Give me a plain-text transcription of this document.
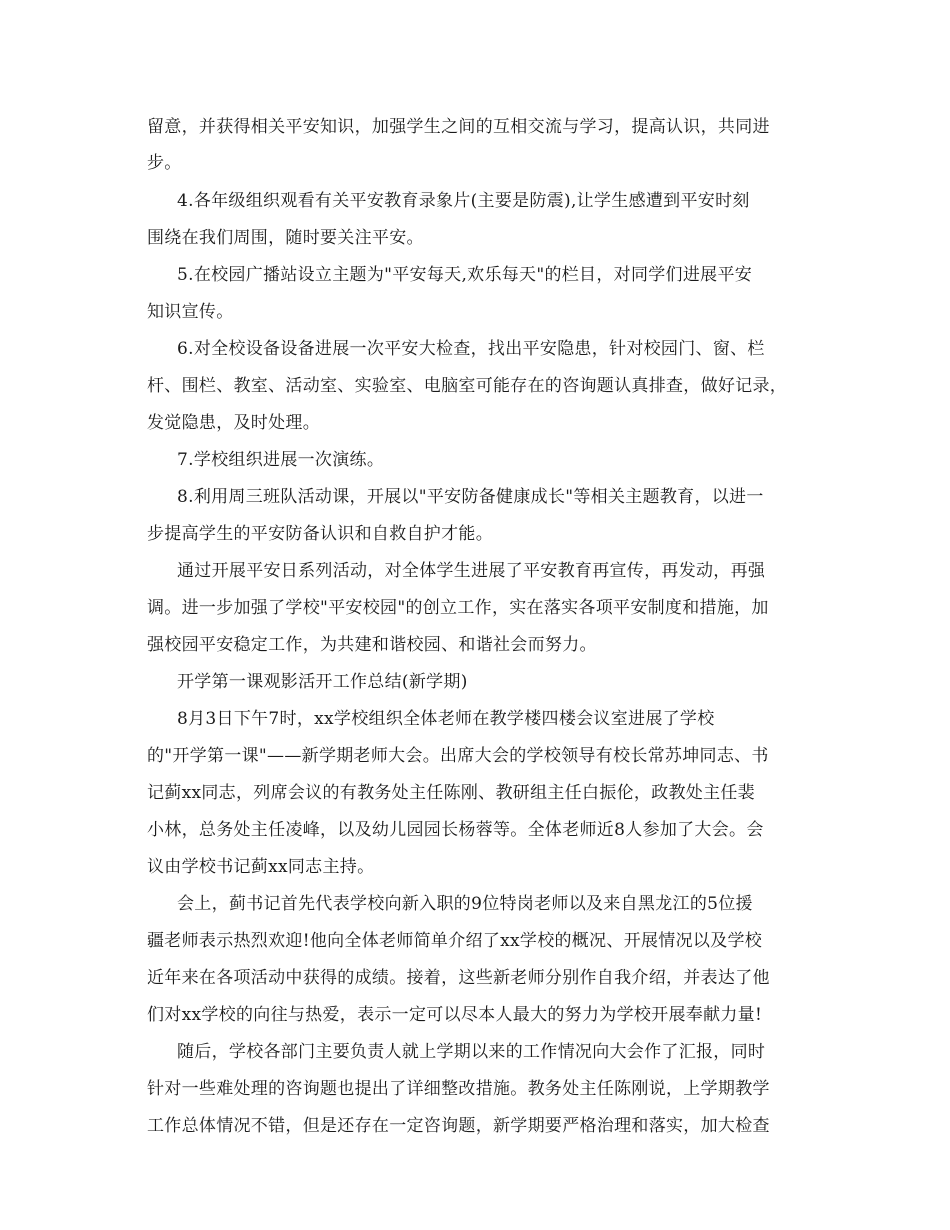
留意，并获得相关平安知识，加强学生之间的互相交流与学习，提高认识，共同进
步。
4.各年级组织观看有关平安教育录象片(主要是防震),让学生感遭到平安时刻
围绕在我们周围，随时要关注平安。
5.在校园广播站设立主题为"平安每天,欢乐每天"的栏目，对同学们进展平安
知识宣传。
6.对全校设备设备进展一次平安大检查，找出平安隐患，针对校园门、窗、栏
杆、围栏、教室、活动室、实验室、电脑室可能存在的咨询题认真排查，做好记录，
发觉隐患，及时处理。
7.学校组织进展一次演练。
8.利用周三班队活动课，开展以"平安防备健康成长"等相关主题教育，以进一
步提高学生的平安防备认识和自救自护才能。
通过开展平安日系列活动，对全体学生进展了平安教育再宣传，再发动，再强
调。进一步加强了学校"平安校园"的创立工作，实在落实各项平安制度和措施，加
强校园平安稳定工作，为共建和谐校园、和谐社会而努力。
开学第一课观影活开工作总结(新学期)
8月3日下午7时，xx学校组织全体老师在教学楼四楼会议室进展了学校
的"开学第一课"——新学期老师大会。出席大会的学校领导有校长常苏坤同志、书
记蓟xx同志，列席会议的有教务处主任陈刚、教研组主任白振伦，政教处主任裴
小林，总务处主任凌峰，以及幼儿园园长杨蓉等。全体老师近8人参加了大会。会
议由学校书记蓟xx同志主持。
会上，蓟书记首先代表学校向新入职的9位特岗老师以及来自黑龙江的5位援
疆老师表示热烈欢迎!他向全体老师简单介绍了xx学校的概况、开展情况以及学校
近年来在各项活动中获得的成绩。接着，这些新老师分别作自我介绍，并表达了他
们对xx学校的向往与热爱，表示一定可以尽本人最大的努力为学校开展奉献力量!
随后，学校各部门主要负责人就上学期以来的工作情况向大会作了汇报，同时
针对一些难处理的咨询题也提出了详细整改措施。教务处主任陈刚说，上学期教学
工作总体情况不错，但是还存在一定咨询题，新学期要严格治理和落实，加大检查
